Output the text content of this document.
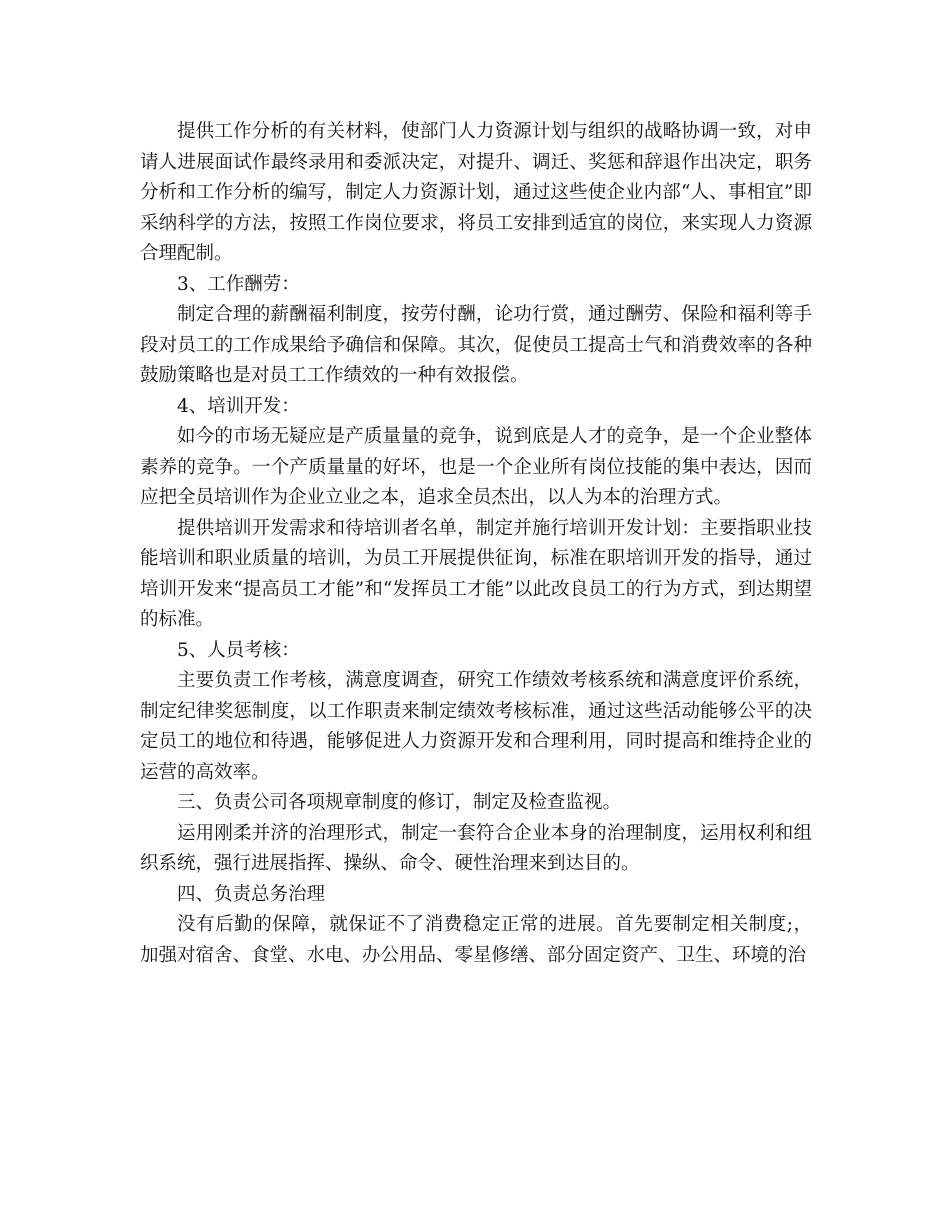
提供工作分析的有关材料，使部门人力资源计划与组织的战略协调一致，对申请人进展面试作最终录用和委派决定，对提升、调迁、奖惩和辞退作出决定，职务分析和工作分析的编写，制定人力资源计划，通过这些使企业内部“人、事相宜”即采纳科学的方法，按照工作岗位要求，将员工安排到适宜的岗位，来实现人力资源合理配制。

3、工作酬劳：

制定合理的薪酬福利制度，按劳付酬，论功行赏，通过酬劳、保险和福利等手段对员工的工作成果给予确信和保障。其次，促使员工提高士气和消费效率的各种鼓励策略也是对员工工作绩效的一种有效报偿。

4、培训开发：

如今的市场无疑应是产质量量的竞争，说到底是人才的竞争，是一个企业整体素养的竞争。一个产质量量的好坏，也是一个企业所有岗位技能的集中表达，因而应把全员培训作为企业立业之本，追求全员杰出，以人为本的治理方式。

提供培训开发需求和待培训者名单，制定并施行培训开发计划：主要指职业技能培训和职业质量的培训，为员工开展提供征询，标准在职培训开发的指导，通过培训开发来“提高员工才能”和“发挥员工才能”以此改良员工的行为方式，到达期望的标准。

5、人员考核：

主要负责工作考核，满意度调查，研究工作绩效考核系统和满意度评价系统，制定纪律奖惩制度，以工作职责来制定绩效考核标准，通过这些活动能够公平的决定员工的地位和待遇，能够促进人力资源开发和合理利用，同时提高和维持企业的运营的高效率。

三、负责公司各项规章制度的修订，制定及检查监视。

运用刚柔并济的治理形式，制定一套符合企业本身的治理制度，运用权利和组织系统，强行进展指挥、操纵、命令、硬性治理来到达目的。

四、负责总务治理

没有后勤的保障，就保证不了消费稳定正常的进展。首先要制定相关制度;，加强对宿舍、食堂、水电、办公用品、零星修缮、部分固定资产、卫生、环境的治
